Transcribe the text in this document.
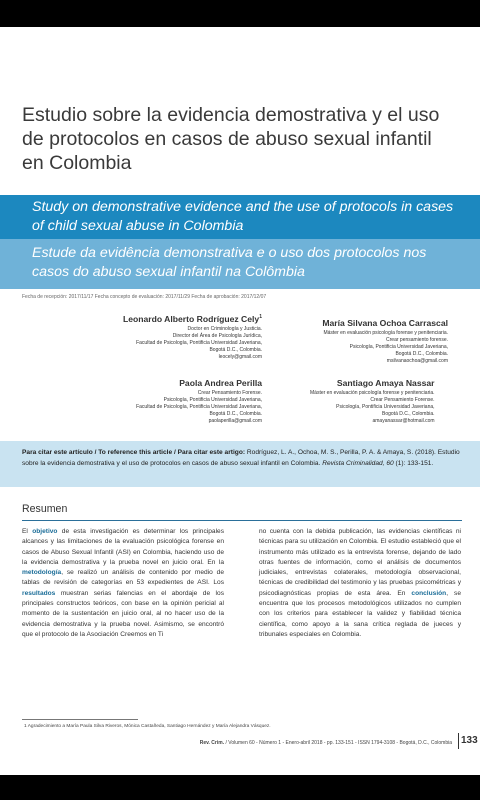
Estudio sobre la evidencia demostrativa y el uso de protocolos en casos de abuso sexual infantil en Colombia
Study on demonstrative evidence and the use of protocols in cases of child sexual abuse in Colombia
Estude da evidência demonstrativa e o uso dos protocolos nos casos do abuso sexual infantil na Colômbia
Fecha de recepción: 2017/11/17 Fecha concepto de evaluación: 2017/11/29 Fecha de aprobación: 2017/12/07
Leonardo Alberto Rodríguez Cely$^1$
Doctor en Criminología y Justicia.
Director del Área de Psicología Jurídica,
Facultad de Psicología, Pontificia Universidad Javeriana,
Bogotá D.C., Colombia.
leocely@gmail.com
María Silvana Ochoa Carrascal
Máster en evaluación psicología forense y penitenciaria.
Crear pensamiento forense.
Psicología, Pontificia Universidad Javeriana,
Bogotá D.C., Colombia.
msilvanaochoa@gmail.com
Paola Andrea Perilla
Crear Pensamiento Forense.
Psicología, Pontificia Universidad Javeriana,
Facultad de Psicología, Pontificia Universidad Javeriana,
Bogotá D.C., Colombia.
paolaperilla@gmail.com
Santiago Amaya Nassar
Máster en evaluación psicología forense y penitenciaria.
Crear Pensamiento Forense.
Psicología, Pontificia Universidad Javeriana,
Bogotá D.C., Colombia.
amayanassar@hotmail.com
Para citar este artículo / To reference this article / Para citar este artigo: Rodríguez, L. A., Ochoa, M. S., Perilla, P. A. & Amaya, S. (2018). Estudio sobre la evidencia demostrativa y el uso de protocolos en casos de abuso sexual infantil en Colombia. Revista Criminalidad, 60 (1): 133-151.
Resumen
El objetivo de esta investigación es determinar los principales alcances y las limitaciones de la evaluación psicológica forense en casos de Abuso Sexual Infantil (ASI) en Colombia, haciendo uso de la evidencia demostrativa y la prueba novel en juicio oral. En la metodología, se realizó un análisis de contenido por medio de tablas de revisión de categorías en 53 expedientes de ASI. Los resultados muestran serias falencias en el abordaje de los principales constructos teóricos, con base en la opinión pericial al momento de la sustentación en juicio oral, al no hacer uso de la evidencia demostrativa y la prueba novel. Asimismo, se encontró que el protocolo de la Asociación Creemos en Ti
no cuenta con la debida publicación, las evidencias científicas ni técnicas para su utilización en Colombia. El estudio estableció que el instrumento más utilizado es la entrevista forense, dejando de lado otras fuentes de información, como el análisis de documentos judiciales, entrevistas colaterales, metodología observacional, técnicas de credibilidad del testimonio y las pruebas psicométricas y psicodiagnósticas propias de esta área. En conclusión, se encuentra que los procesos metodológicos utilizados no cumplen con los criterios para establecer la validez y fiabilidad técnica científica, como apoyo a la sana crítica reglada de jueces y tribunales especiales en Colombia.
1 Agradecimiento a María Paula Silva Riveros, Mónica Castañeda, Santiago Hernández y María Alejandra Vásquez.
Rev. Crim. / Volumen 60 - Número 1 - Enero-abril 2018 - pp. 133-151 - ISSN 1794-3108 - Bogotá, D.C., Colombia 133
